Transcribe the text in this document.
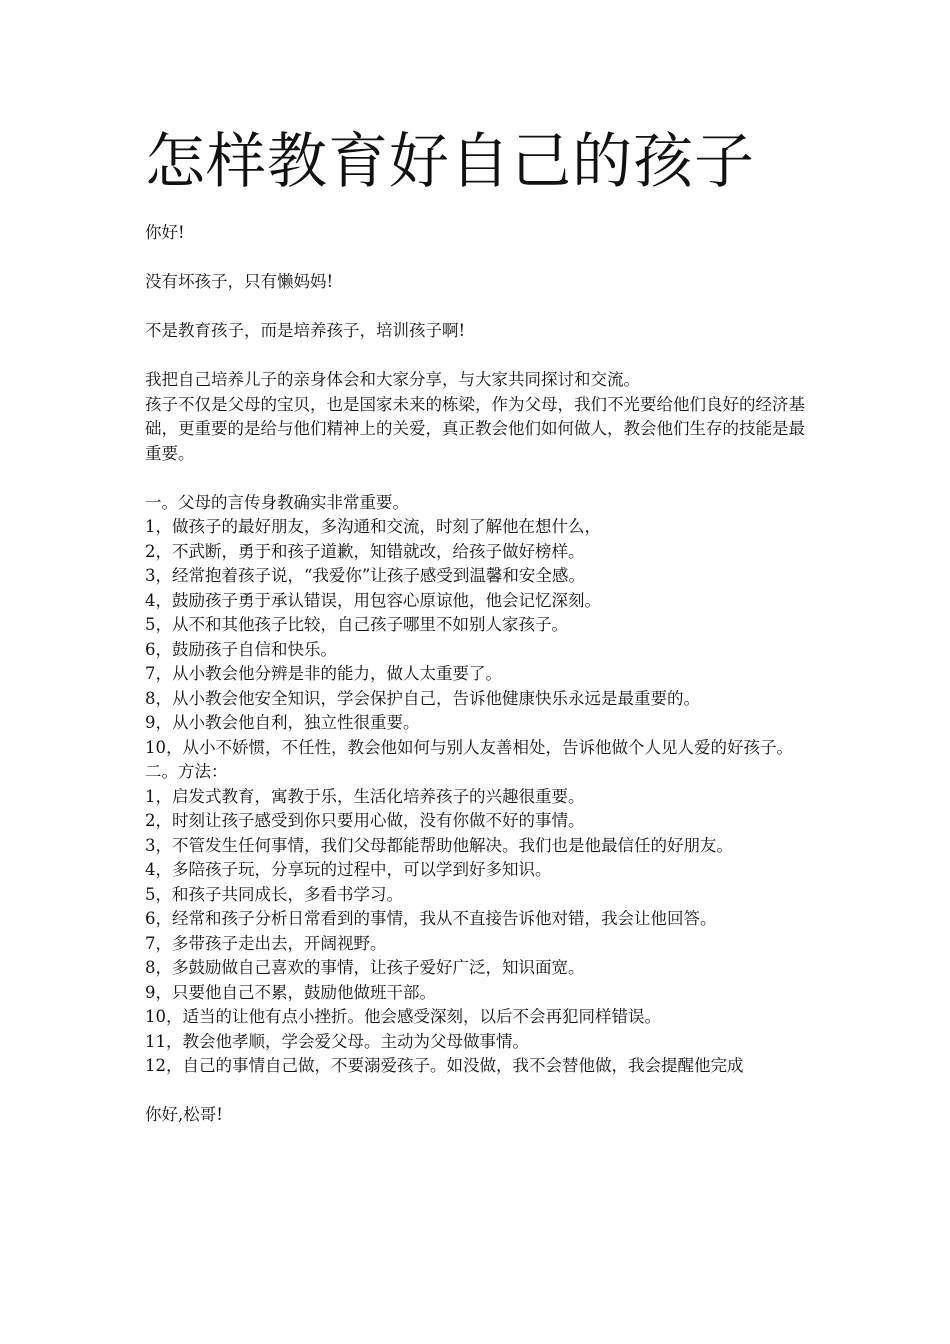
怎样教育好自己的孩子
你好!
没有坏孩子，只有懒妈妈!
不是教育孩子，而是培养孩子，培训孩子啊!
我把自己培养儿子的亲身体会和大家分享，与大家共同探讨和交流。
孩子不仅是父母的宝贝，也是国家未来的栋梁，作为父母，我们不光要给他们良好的经济基础，更重要的是给与他们精神上的关爱，真正教会他们如何做人，教会他们生存的技能是最重要。
一。父母的言传身教确实非常重要。
1，做孩子的最好朋友，多沟通和交流，时刻了解他在想什么，
2，不武断，勇于和孩子道歉，知错就改，给孩子做好榜样。
3，经常抱着孩子说，“我爱你”让孩子感受到温馨和安全感。
4，鼓励孩子勇于承认错误，用包容心原谅他，他会记忆深刻。
5，从不和其他孩子比较，自己孩子哪里不如别人家孩子。
6，鼓励孩子自信和快乐。
7，从小教会他分辨是非的能力，做人太重要了。
8，从小教会他安全知识，学会保护自己，告诉他健康快乐永远是最重要的。
9，从小教会他自利，独立性很重要。
10，从小不娇惯，不任性，教会他如何与别人友善相处，告诉他做个人见人爱的好孩子。
二。方法：
1，启发式教育，寓教于乐，生活化培养孩子的兴趣很重要。
2，时刻让孩子感受到你只要用心做，没有你做不好的事情。
3，不管发生任何事情，我们父母都能帮助他解决。我们也是他最信任的好朋友。
4，多陪孩子玩，分享玩的过程中，可以学到好多知识。
5，和孩子共同成长，多看书学习。
6，经常和孩子分析日常看到的事情，我从不直接告诉他对错，我会让他回答。
7，多带孩子走出去，开阔视野。
8，多鼓励做自己喜欢的事情，让孩子爱好广泛，知识面宽。
9，只要他自己不累，鼓励他做班干部。
10，适当的让他有点小挫折。他会感受深刻，以后不会再犯同样错误。
11，教会他孝顺，学会爱父母。主动为父母做事情。
12，自己的事情自己做，不要溺爱孩子。如没做，我不会替他做，我会提醒他完成
你好,松哥!
